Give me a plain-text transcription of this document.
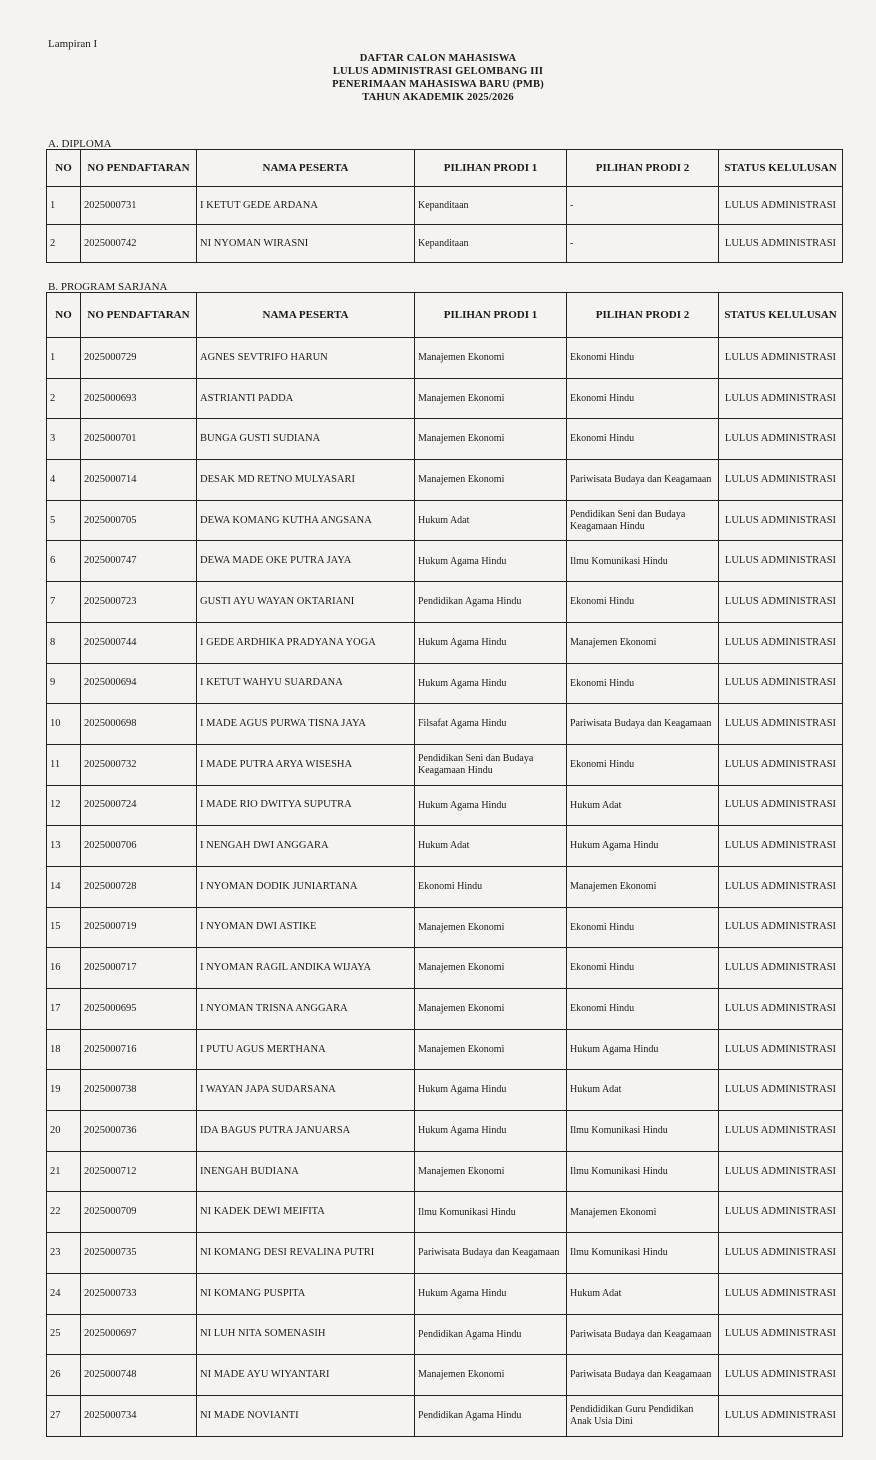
Lampiran I
DAFTAR CALON MAHASISWA
LULUS ADMINISTRASI GELOMBANG III
PENERIMAAN MAHASISWA BARU (PMB)
TAHUN AKADEMIK 2025/2026
A. DIPLOMA
NO	NO PENDAFTARAN	NAMA PESERTA	PILIHAN PRODI 1	PILIHAN PRODI 2	STATUS KELULUSAN
1	2025000731	I KETUT GEDE ARDANA	Kepanditaan	-	LULUS ADMINISTRASI
2	2025000742	NI NYOMAN WIRASNI	Kepanditaan	-	LULUS ADMINISTRASI
B. PROGRAM SARJANA
NO	NO PENDAFTARAN	NAMA PESERTA	PILIHAN PRODI 1	PILIHAN PRODI 2	STATUS KELULUSAN
1	2025000729	AGNES SEVTRIFO HARUN	Manajemen Ekonomi	Ekonomi Hindu	LULUS ADMINISTRASI
2	2025000693	ASTRIANTI PADDA	Manajemen Ekonomi	Ekonomi Hindu	LULUS ADMINISTRASI
3	2025000701	BUNGA GUSTI SUDIANA	Manajemen Ekonomi	Ekonomi Hindu	LULUS ADMINISTRASI
4	2025000714	DESAK MD RETNO MULYASARI	Manajemen Ekonomi	Pariwisata Budaya dan Keagamaan	LULUS ADMINISTRASI
5	2025000705	DEWA KOMANG KUTHA ANGSANA	Hukum Adat	Pendidikan Seni dan Budaya Keagamaan Hindu	LULUS ADMINISTRASI
6	2025000747	DEWA MADE OKE PUTRA JAYA	Hukum Agama Hindu	Ilmu Komunikasi Hindu	LULUS ADMINISTRASI
7	2025000723	GUSTI AYU WAYAN OKTARIANI	Pendidikan Agama Hindu	Ekonomi Hindu	LULUS ADMINISTRASI
8	2025000744	I GEDE ARDHIKA PRADYANA YOGA	Hukum Agama Hindu	Manajemen Ekonomi	LULUS ADMINISTRASI
9	2025000694	I KETUT WAHYU SUARDANA	Hukum Agama Hindu	Ekonomi Hindu	LULUS ADMINISTRASI
10	2025000698	I MADE AGUS PURWA TISNA JAYA	Filsafat Agama Hindu	Pariwisata Budaya dan Keagamaan	LULUS ADMINISTRASI
11	2025000732	I MADE PUTRA ARYA WISESHA	Pendidikan Seni dan Budaya Keagamaan Hindu	Ekonomi Hindu	LULUS ADMINISTRASI
12	2025000724	I MADE RIO DWITYA SUPUTRA	Hukum Agama Hindu	Hukum Adat	LULUS ADMINISTRASI
13	2025000706	I NENGAH DWI ANGGARA	Hukum Adat	Hukum Agama Hindu	LULUS ADMINISTRASI
14	2025000728	I NYOMAN DODIK JUNIARTANA	Ekonomi Hindu	Manajemen Ekonomi	LULUS ADMINISTRASI
15	2025000719	I NYOMAN DWI ASTIKE	Manajemen Ekonomi	Ekonomi Hindu	LULUS ADMINISTRASI
16	2025000717	I NYOMAN RAGIL ANDIKA WIJAYA	Manajemen Ekonomi	Ekonomi Hindu	LULUS ADMINISTRASI
17	2025000695	I NYOMAN TRISNA ANGGARA	Manajemen Ekonomi	Ekonomi Hindu	LULUS ADMINISTRASI
18	2025000716	I PUTU AGUS MERTHANA	Manajemen Ekonomi	Hukum Agama Hindu	LULUS ADMINISTRASI
19	2025000738	I WAYAN JAPA SUDARSANA	Hukum Agama Hindu	Hukum Adat	LULUS ADMINISTRASI
20	2025000736	IDA BAGUS PUTRA JANUARSA	Hukum Agama Hindu	Ilmu Komunikasi Hindu	LULUS ADMINISTRASI
21	2025000712	INENGAH BUDIANA	Manajemen Ekonomi	Ilmu Komunikasi Hindu	LULUS ADMINISTRASI
22	2025000709	NI KADEK DEWI MEIFITA	Ilmu Komunikasi Hindu	Manajemen Ekonomi	LULUS ADMINISTRASI
23	2025000735	NI KOMANG DESI REVALINA PUTRI	Pariwisata Budaya dan Keagamaan	Ilmu Komunikasi Hindu	LULUS ADMINISTRASI
24	2025000733	NI KOMANG PUSPITA	Hukum Agama Hindu	Hukum Adat	LULUS ADMINISTRASI
25	2025000697	NI LUH NITA SOMENASIH	Pendidikan Agama Hindu	Pariwisata Budaya dan Keagamaan	LULUS ADMINISTRASI
26	2025000748	NI MADE AYU WIYANTARI	Manajemen Ekonomi	Pariwisata Budaya dan Keagamaan	LULUS ADMINISTRASI
27	2025000734	NI MADE NOVIANTI	Pendidikan Agama Hindu	Pendididikan Guru Pendidikan Anak Usia Dini	LULUS ADMINISTRASI
